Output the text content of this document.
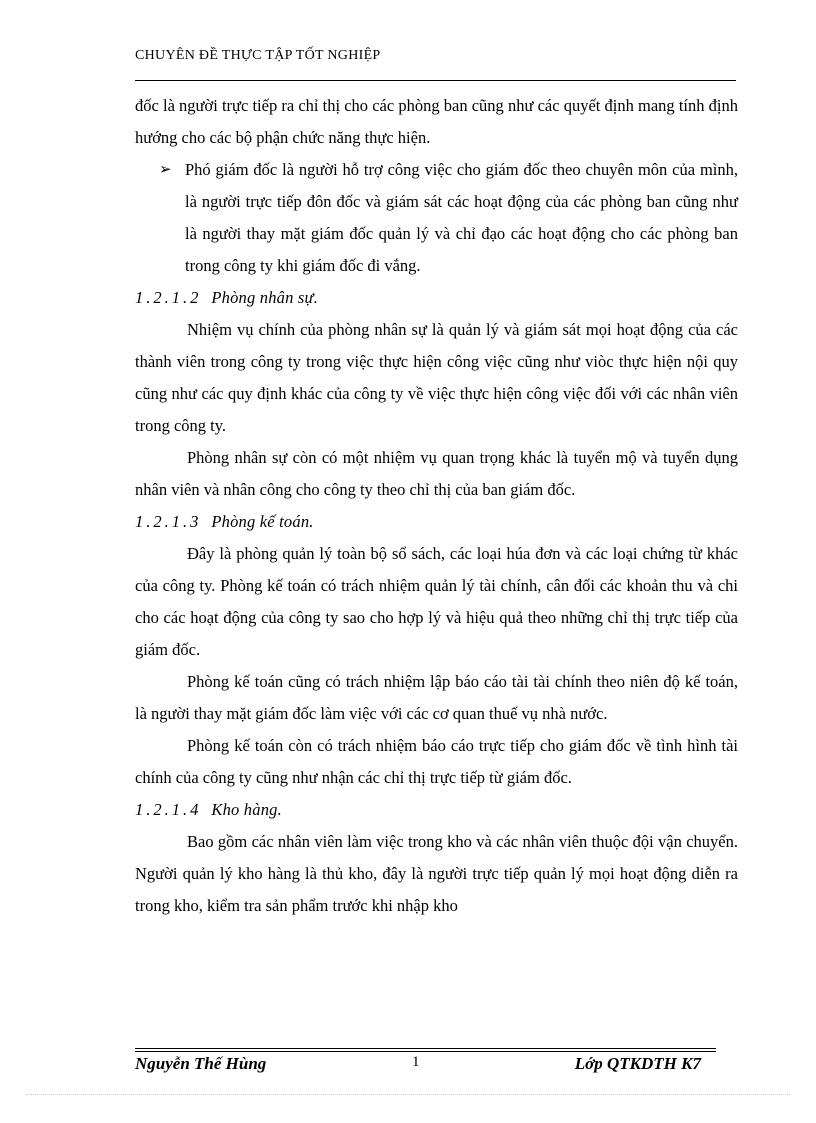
CHUYÊN ĐỀ THỰC TẬP TỐT NGHIỆP

đốc là người trực tiếp ra chỉ thị cho các phòng ban cũng như các quyết định mang tính định hướng cho các bộ phận chức năng thực hiện.

➢ Phó giám đốc là người hỗ trợ công việc cho giám đốc theo chuyên môn của mình, là người trực tiếp đôn đốc và giám sát các hoạt động của các phòng ban cũng như là người thay mặt giám đốc quản lý và chỉ đạo các hoạt động cho các phòng ban trong công ty khi giám đốc đi vắng.

1.2.1.2 Phòng nhân sự.

Nhiệm vụ chính của phòng nhân sự là quản lý và giám sát mọi hoạt động của các thành viên trong công ty trong việc thực hiện công việc cũng như viòc thực hiện nội quy cũng như các quy định khác của công ty về việc thực hiện công việc đối với các nhân viên trong công ty.

Phòng nhân sự còn có một nhiệm vụ quan trọng khác là tuyển mộ và tuyển dụng nhân viên và nhân công cho công ty theo chỉ thị của ban giám đốc.

1.2.1.3 Phòng kế toán.

Đây là phòng quản lý toàn bộ sổ sách, các loại húa đơn và các loại chứng từ khác của công ty. Phòng kế toán có trách nhiệm quản lý tài chính, cân đối các khoản thu và chi cho các hoạt động của công ty sao cho hợp lý và hiệu quả theo những chỉ thị trực tiếp của giám đốc.

Phòng kế toán cũng có trách nhiệm lập báo cáo tài tài chính theo niên độ kế toán, là người thay mặt giám đốc làm việc với các cơ quan thuế vụ nhà nước.

Phòng kế toán còn có trách nhiệm báo cáo trực tiếp cho giám đốc về tình hình tài chính của công ty cũng như nhận các chỉ thị trực tiếp từ giám đốc.

1.2.1.4 Kho hàng.

Bao gồm các nhân viên làm việc trong kho và các nhân viên thuộc đội vận chuyển. Người quản lý kho hàng là thủ kho, đây là người trực tiếp quản lý mọi hoạt động diễn ra trong kho, kiểm tra sản phẩm trước khi nhập kho

Nguyễn Thế Hùng	1	Lớp QTKDTH K7
